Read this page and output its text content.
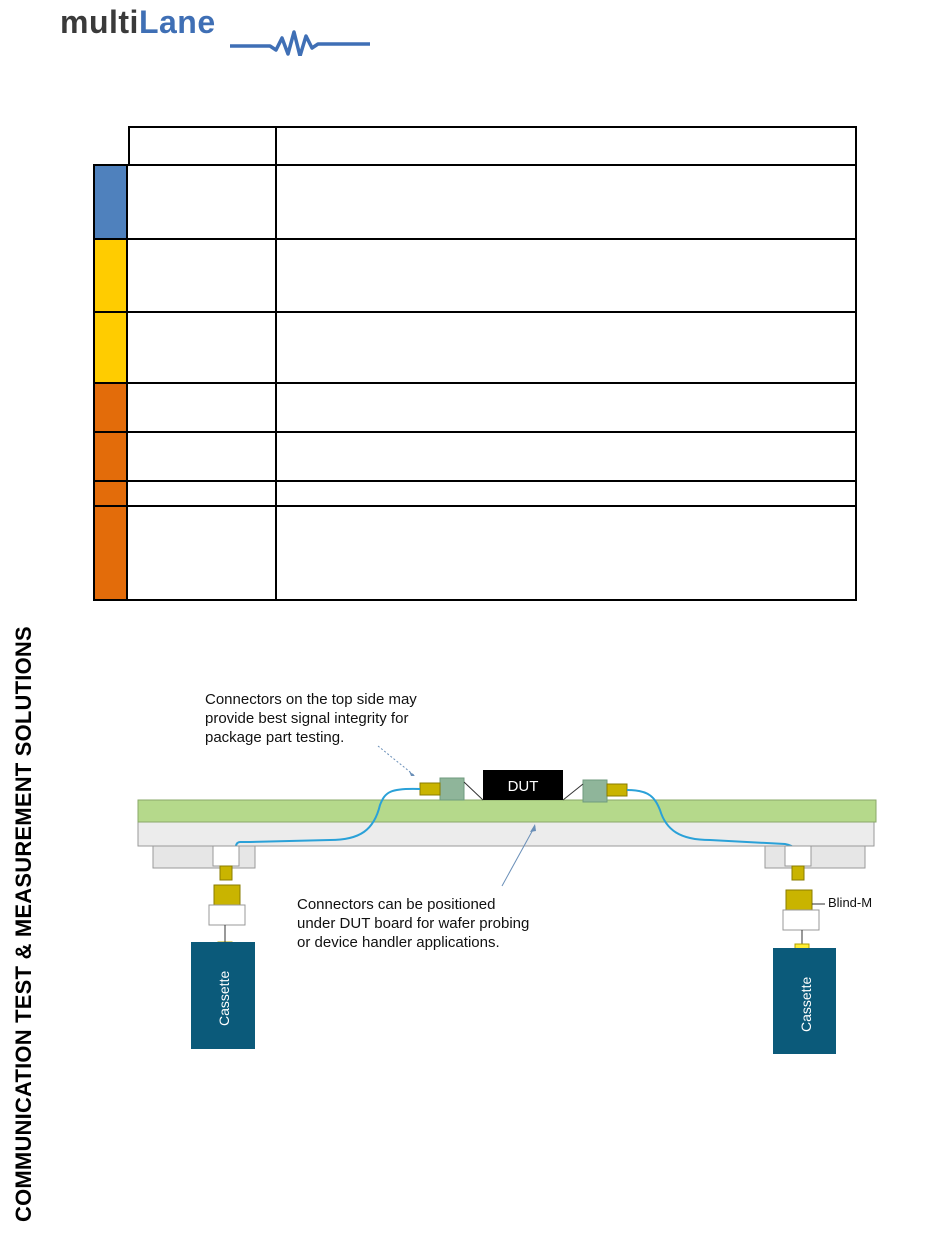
multiLane
COMMUNICATION TEST & MEASUREMENT SOLUTIONS	Connectors on the top side may
provide best signal integrity for
package part testing.
DUT
Cassette
Blind-M
Cassette
Connectors can be positioned
under DUT board for wafer probing
or device handler applications.
